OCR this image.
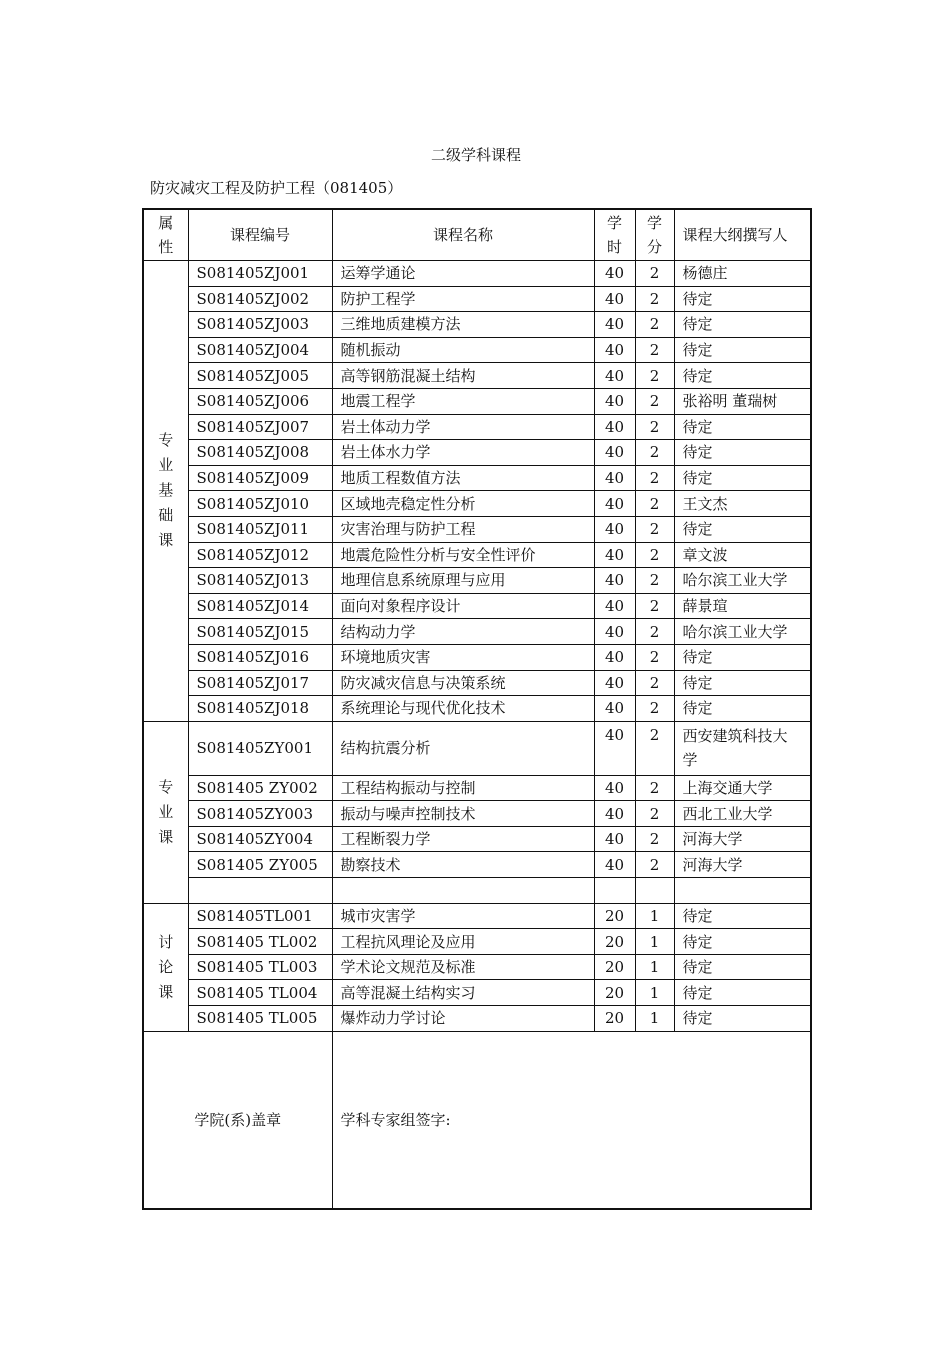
二级学科课程
防灾减灾工程及防护工程（081405）
属性	课程编号	课程名称	学时	学分	课程大纲撰写人
专业基础课	S081405ZJ001	运筹学通论	40	2	杨德庄
	S081405ZJ002	防护工程学	40	2	待定
	S081405ZJ003	三维地质建模方法	40	2	待定
	S081405ZJ004	随机振动	40	2	待定
	S081405ZJ005	高等钢筋混凝土结构	40	2	待定
	S081405ZJ006	地震工程学	40	2	张裕明 董瑞树
	S081405ZJ007	岩土体动力学	40	2	待定
	S081405ZJ008	岩土体水力学	40	2	待定
	S081405ZJ009	地质工程数值方法	40	2	待定
	S081405ZJ010	区域地壳稳定性分析	40	2	王文杰
	S081405ZJ011	灾害治理与防护工程	40	2	待定
	S081405ZJ012	地震危险性分析与安全性评价	40	2	章文波
	S081405ZJ013	地理信息系统原理与应用	40	2	哈尔滨工业大学
	S081405ZJ014	面向对象程序设计	40	2	薛景瑄
	S081405ZJ015	结构动力学	40	2	哈尔滨工业大学
	S081405ZJ016	环境地质灾害	40	2	待定
	S081405ZJ017	防灾减灾信息与决策系统	40	2	待定
	S081405ZJ018	系统理论与现代优化技术	40	2	待定
专业课	S081405ZY001	结构抗震分析	40	2	西安建筑科技大学
	S081405 ZY002	工程结构振动与控制	40	2	上海交通大学
	S081405ZY003	振动与噪声控制技术	40	2	西北工业大学
	S081405ZY004	工程断裂力学	40	2	河海大学
	S081405 ZY005	勘察技术	40	2	河海大学

讨论课	S081405TL001	城市灾害学	20	1	待定
	S081405 TL002	工程抗风理论及应用	20	1	待定
	S081405 TL003	学术论文规范及标准	20	1	待定
	S081405 TL004	高等混凝土结构实习	20	1	待定
	S081405 TL005	爆炸动力学讨论	20	1	待定
学院(系)盖章		学科专家组签字:			
